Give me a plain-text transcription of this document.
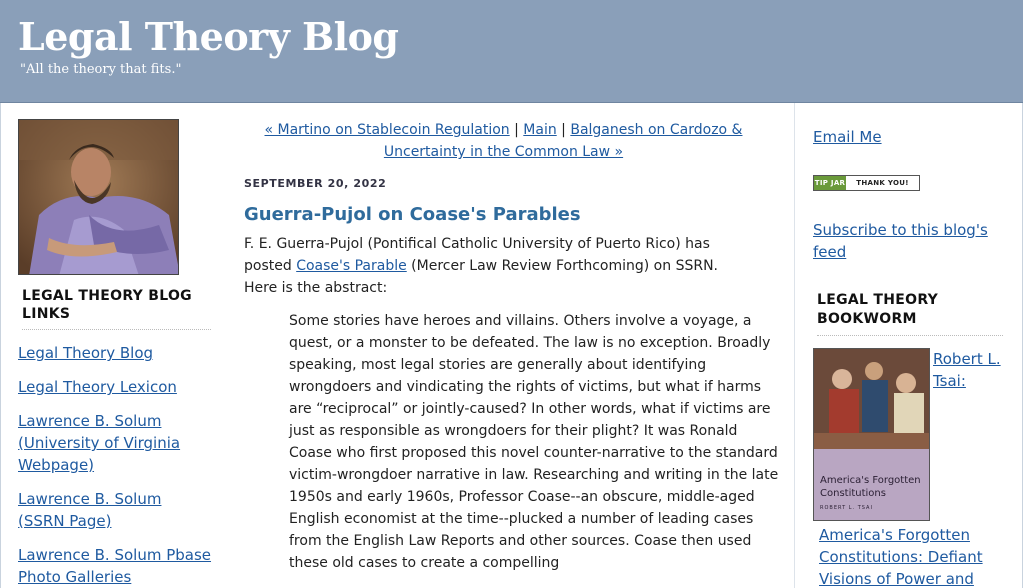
Legal Theory Blog
"All the theory that fits."
LEGAL THEORY BLOG LINKS
Legal Theory Blog
Legal Theory Lexicon
Lawrence B. Solum (University of Virginia Webpage)
Lawrence B. Solum (SSRN Page)
Lawrence B. Solum Pbase Photo Galleries
« Martino on Stablecoin Regulation | Main | Balganesh on Cardozo & Uncertainty in the Common Law »
SEPTEMBER 20, 2022
Guerra-Pujol on Coase's Parables

F. E. Guerra-Pujol (Pontifical Catholic University of Puerto Rico) has posted Coase's Parable (Mercer Law Review Forthcoming) on SSRN. Here is the abstract:

Some stories have heroes and villains. Others involve a voyage, a quest, or a monster to be defeated. The law is no exception. Broadly speaking, most legal stories are generally about identifying wrongdoers and vindicating the rights of victims, but what if harms are “reciprocal” or jointly-caused? In other words, what if victims are just as responsible as wrongdoers for their plight? It was Ronald Coase who first proposed this novel counter-narrative to the standard victim-wrongdoer narrative in law. Researching and writing in the late 1950s and early 1960s, Professor Coase--an obscure, middle-aged English economist at the time--plucked a number of leading cases from the English Law Reports and other sources. Coase then used these old cases to create a compelling

Email Me
TIP JAR	THANK YOU!
Subscribe to this blog's feed
LEGAL THEORY BOOKWORM
America's Forgotten
Constitutions
ROBERT L. TSAI
Robert L. Tsai:
America's Forgotten Constitutions: Defiant Visions of Power and
